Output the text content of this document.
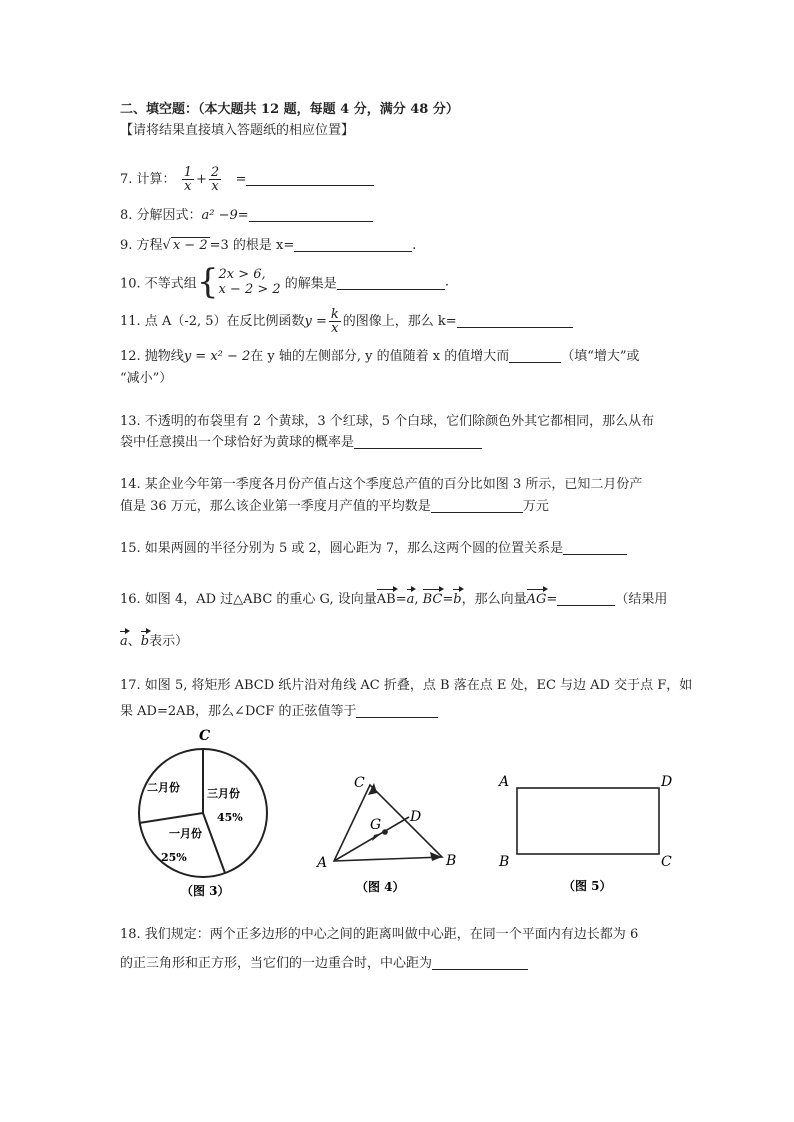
二、填空题：（本大题共 12 题，每题 4 分，满分 48 分）
【请将结果直接填入答题纸的相应位置】
7. 计算： $\frac{1}{x} + \frac{2}{x}$ =
8. 分解因式：a² −9=
9. 方程√ x − 2 =3 的根是 x=	.
10. 不等式组{ 2x > 6,
x − 2 > 2 的解集是	.
11. 点 A（-2, 5）在反比例函数$y = \frac{k}{x}$ 的图像上，那么 k=
12. 抛物线y = x² − 2在 y 轴的左侧部分, y 的值随着 x 的值增大而	（填“增大”或
“减小”）
13. 不透明的布袋里有 2 个黄球，3 个红球，5 个白球，它们除颜色外其它都相同，那么从布
袋中任意摸出一个球恰好为黄球的概率是
14. 某企业今年第一季度各月份产值占这个季度总产值的百分比如图 3 所示，已知二月份产
值是 36 万元，那么该企业第一季度月产值的平均数是	万元
15. 如果两圆的半径分别为 5 或 2，圆心距为 7，那么这两个圆的位置关系是
16. 如图 4，AD 过△ABC 的重心 G, 设向量AB=a, BC=b，那么向量AG=	（结果用
a、b表示）
17. 如图 5, 将矩形 ABCD 纸片沿对角线 AC 折叠，点 B 落在点 E 处，EC 与边 AD 交于点 F，如
果 AD=2AB，那么∠DCF 的正弦值等于
C
二月份 三月份
45%
一月份
25%
（图 3）
A	B
C
D
G
（图 4）
A
B	C
D
（图 5）
18. 我们规定：两个正多边形的中心之间的距离叫做中心距，在同一个平面内有边长都为 6
的正三角形和正方形，当它们的一边重合时，中心距为
